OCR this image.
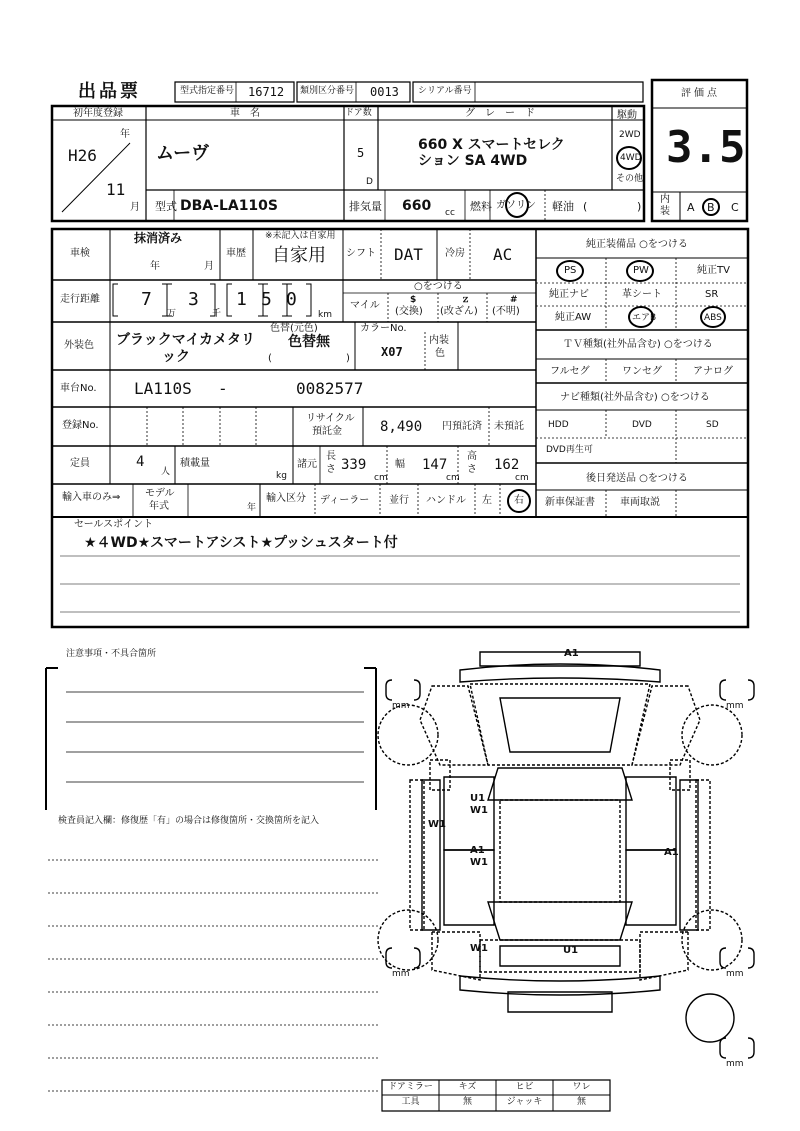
出品票	型式指定番号 16712 類別区分番号 0013 シリアル番号	評価点
3.5
内
装 A B C
初年度登録
年
H26
11
月
車　名
ムーヴ
ドア数
5
D
グ　レ　ー　ド
660 X スマートセレク
ション SA 4WD
駆動
2WD
4WD
その他
型式 DBA-LA110S	排気量 660 cc 燃料 ガソリン 軽油 (	)
車検
抹消済み
年	月
車歴
※未記入は自家用
自家用 シフト DAT 冷房 AC
走行距離 7
万
3
千
1 5 0
km
○をつける
マイル	$
(交換)
ｚ
(改ざん)
#
(不明)
外装色 ブラックマイカメタリ
ック
色替(元色)
色替無
(	)
カラーNo.
X07
内装
色
車台No. LA110S -	0082577
登録No.
リサイクル
預託金	8,490 円預託済 未預託
定員	4
人
積載量
kg
諸元
長
さ 339
cm
幅 147
cm
高
さ 162
cm
輸入車のみ⇒ モデル
年式	年
輸入区分 ディーラー 並行 ハンドル 左 右
純正装備品 ○をつける
PS	PW	純正TV
純正ナビ	革シート	SR
純正AW	エアB	ABS
ＴＶ種類(社外品含む) ○をつける
フルセグ	ワンセグ	アナログ
ナビ種類(社外品含む) ○をつける
HDD	DVD	SD
DVD再生可
後日発送品 ○をつける
新車保証書	車両取説
セールスポイント
★４WD★スマートアシスト★プッシュスタート付
注意事項・不具合箇所
検査員記入欄：修復歴「有」の場合は修復箇所・交換箇所を記入
mm	mm
mm	mm
mm
A1
U1
W1
A1
W1
W1
A1
W1	U1
ドアミラー	キズ	ヒビ	ワレ
工具	無	ジャッキ	無
